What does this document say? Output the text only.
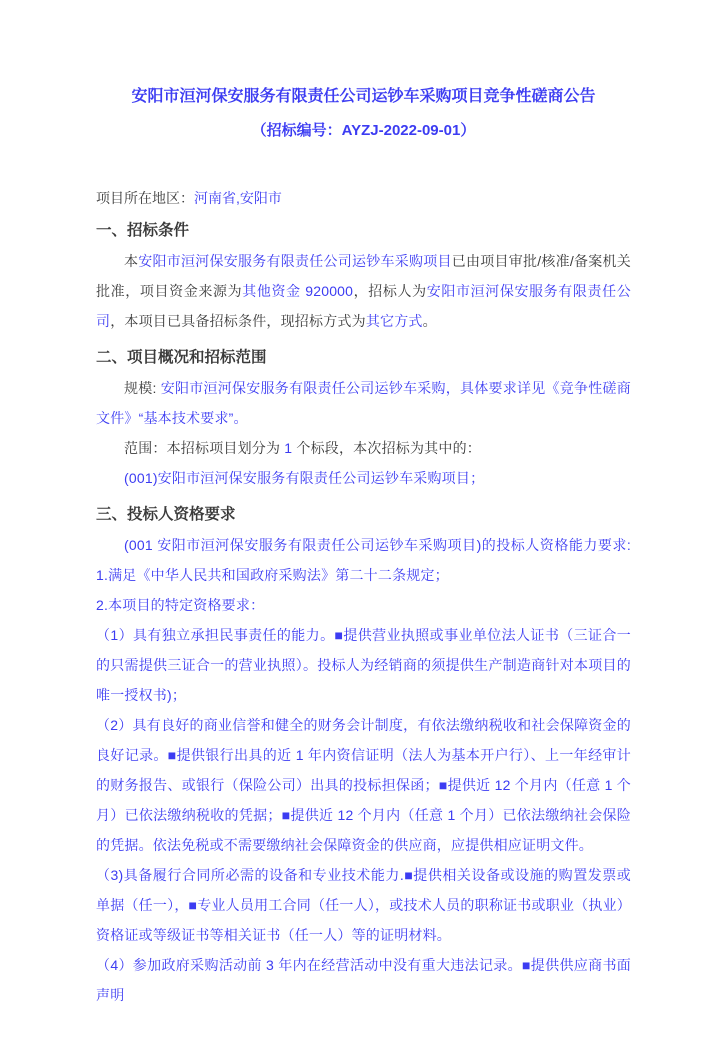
安阳市洹河保安服务有限责任公司运钞车采购项目竞争性磋商公告
（招标编号：AYZJ-2022-09-01）
项目所在地区：河南省,安阳市
一、招标条件

本安阳市洹河保安服务有限责任公司运钞车采购项目已由项目审批/核准/备案机关批准，项目资金来源为其他资金 920000，招标人为安阳市洹河保安服务有限责任公司，本项目已具备招标条件，现招标方式为其它方式。

二、项目概况和招标范围

规模: 安阳市洹河保安服务有限责任公司运钞车采购，具体要求详见《竞争性磋商文件》“基本技术要求”。

范围：本招标项目划分为 1 个标段，本次招标为其中的：

(001)安阳市洹河保安服务有限责任公司运钞车采购项目；

三、投标人资格要求

(001 安阳市洹河保安服务有限责任公司运钞车采购项目)的投标人资格能力要求: 1.满足《中华人民共和国政府采购法》第二十二条规定；

2.本项目的特定资格要求：

（1）具有独立承担民事责任的能力。■提供营业执照或事业单位法人证书（三证合一的只需提供三证合一的营业执照）。投标人为经销商的须提供生产制造商针对本项目的唯一授权书)；

（2）具有良好的商业信誉和健全的财务会计制度，有依法缴纳税收和社会保障资金的良好记录。■提供银行出具的近 1 年内资信证明（法人为基本开户行）、上一年经审计的财务报告、或银行（保险公司）出具的投标担保函；■提供近 12 个月内（任意 1 个月）已依法缴纳税收的凭据；■提供近 12 个月内（任意 1 个月）已依法缴纳社会保险的凭据。依法免税或不需要缴纳社会保障资金的供应商，应提供相应证明文件。

（3)具备履行合同所必需的设备和专业技术能力.■提供相关设备或设施的购置发票或单据（任一），■专业人员用工合同（任一人），或技术人员的职称证书或职业（执业）资格证或等级证书等相关证书（任一人）等的证明材料。

（4）参加政府采购活动前 3 年内在经营活动中没有重大违法记录。■提供供应商书面声明
